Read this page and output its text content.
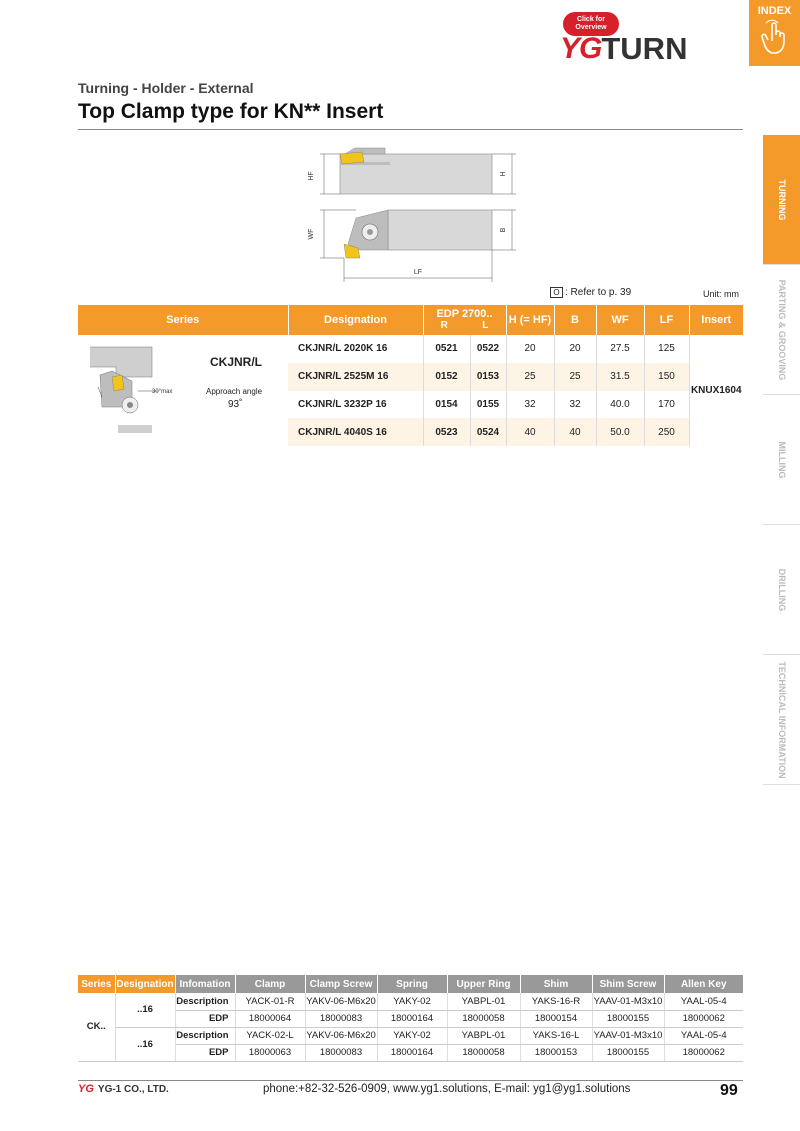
INDEX
Click for Overview
YG TURN
Turning - Holder - External
Top Clamp type for KN** Insert
TURNING
PARTING & GROOVING
MILLING
DRILLING
TECHNICAL INFORMATION
HF	H
WF	B
LF
O : Refer to p. 39	Unit: mm
Series	Designation	EDP 2700..
R L		H (= HF)	B	WF	LF	Insert

30°max
CKJNR/L
Approach angle
93˚	CKJNR/L 2020K 16	0521	0522	20	20	27.5	125	KNUX1604
	CKJNR/L 2525M 16	0152	0153	25	25	31.5	150	
	CKJNR/L 3232P 16	0154	0155	32	32	40.0	170	
	CKJNR/L 4040S 16	0523	0524	40	40	50.0	250	
Series	Designation	Infomation	Clamp	Clamp Screw	Spring	Upper Ring	Shim	Shim Screw	Allen Key
CK..	..16	Description	YACK-01-R	YAKV-06-M6x20	YAKY-02	YABPL-01	YAKS-16-R	YAAV-01-M3x10	YAAL-05-4
		EDP	18000064	18000083	18000164	18000058	18000154	18000155	18000062
	..16	Description	YACK-02-L	YAKV-06-M6x20	YAKY-02	YABPL-01	YAKS-16-L	YAAV-01-M3x10	YAAL-05-4
		EDP	18000063	18000083	18000164	18000058	18000153	18000155	18000062
YG YG-1 CO., LTD.	phone:+82-32-526-0909, www.yg1.solutions, E-mail: yg1@yg1.solutions	99
